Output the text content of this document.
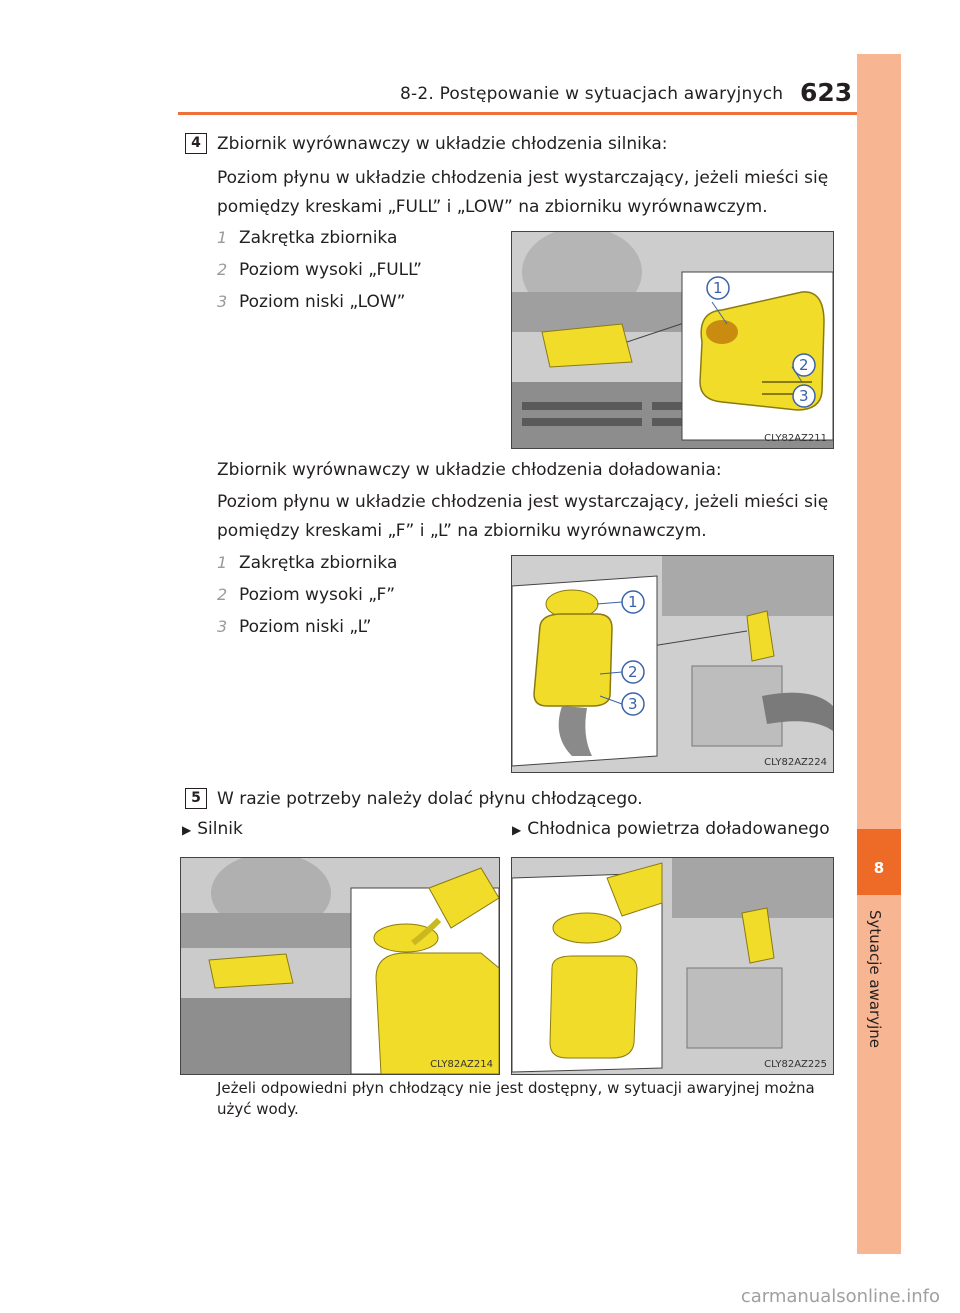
8-2. Postępowanie w sytuacjach awaryjnych 623
8
Sytuacje awaryjne
4 Zbiornik wyrównawczy w układzie chłodzenia silnika:
Poziom płynu w układzie chłodzenia jest wystarczający, jeżeli mieści się
pomiędzy kreskami „FULL” i „LOW” na zbiorniku wyrównawczym.
1 Zakrętka zbiornika
2 Poziom wysoki „FULL”
3 Poziom niski „LOW”
1
2
3
CLY82AZ211
Zbiornik wyrównawczy w układzie chłodzenia doładowania:
Poziom płynu w układzie chłodzenia jest wystarczający, jeżeli mieści się
pomiędzy kreskami „F” i „L” na zbiorniku wyrównawczym.
1 Zakrętka zbiornika
2 Poziom wysoki „F”
3 Poziom niski „L”
1
2
3
CLY82AZ224
5 W razie potrzeby należy dolać płynu chłodzącego.
▶ Silnik	▶ Chłodnica powietrza doładowanego
CLY82AZ214	CLY82AZ225
Jeżeli odpowiedni płyn chłodzący nie jest dostępny, w sytuacji awaryjnej można użyć wody.
carmanualsonline.info
